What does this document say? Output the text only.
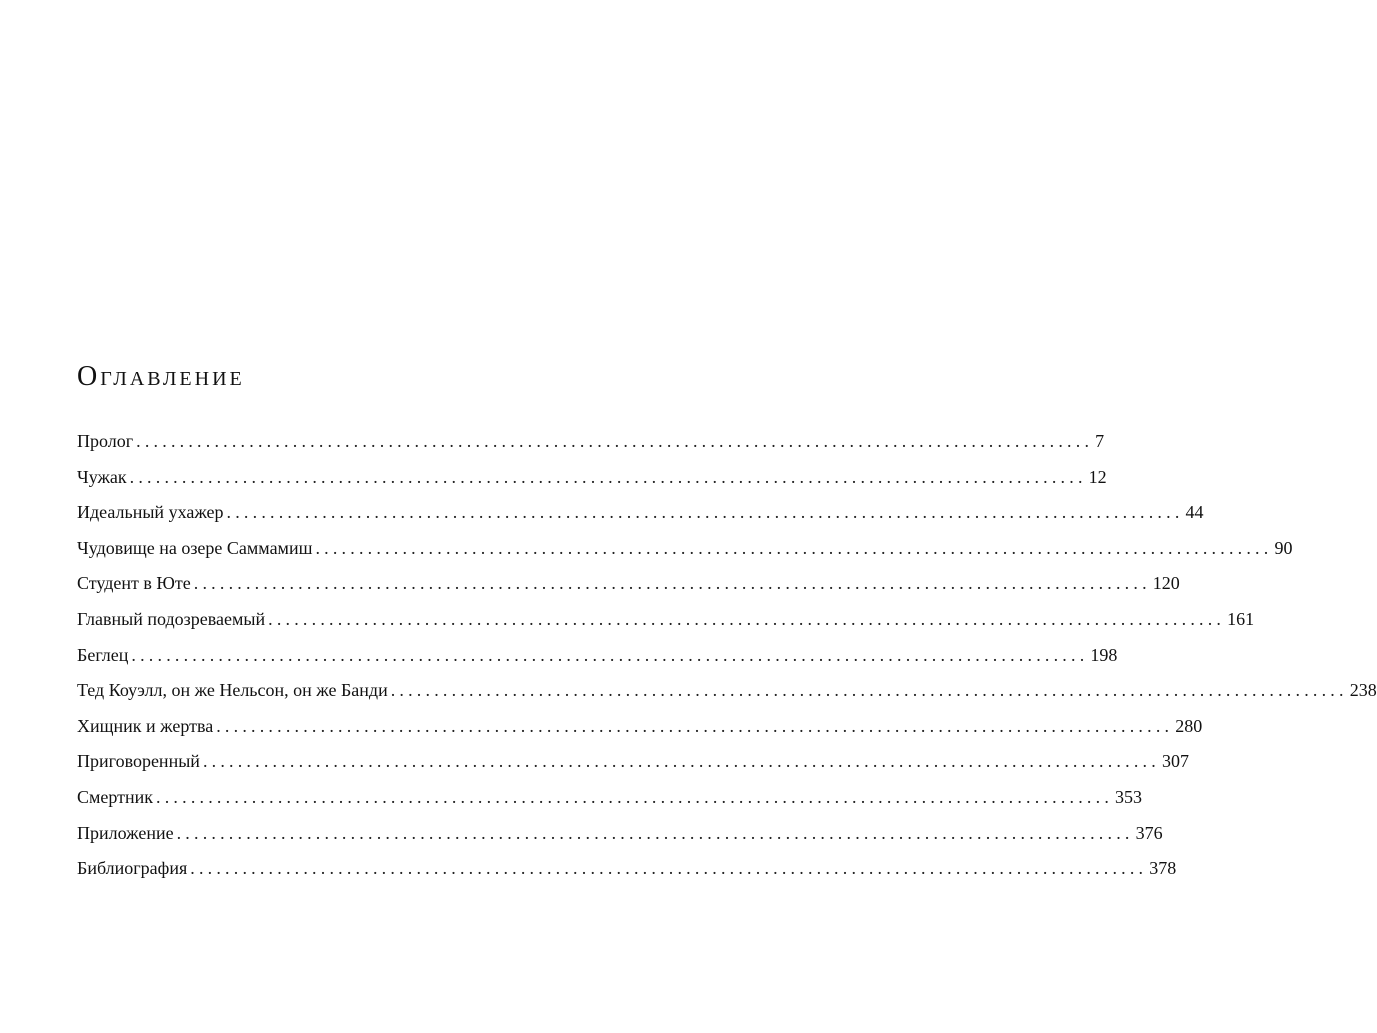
Оглавление
Пролог .............................................................................................................. 7
Чужак .............................................................................................................. 12
Идеальный ухажер .............................................................................................................. 44
Чудовище на озере Саммамиш .............................................................................................................. 90
Студент в Юте .............................................................................................................. 120
Главный подозреваемый .............................................................................................................. 161
Беглец .............................................................................................................. 198
Тед Коуэлл, он же Нельсон, он же Банди .............................................................................................................. 238
Хищник и жертва .............................................................................................................. 280
Приговоренный .............................................................................................................. 307
Смертник .............................................................................................................. 353
Приложение .............................................................................................................. 376
Библиография .............................................................................................................. 378
